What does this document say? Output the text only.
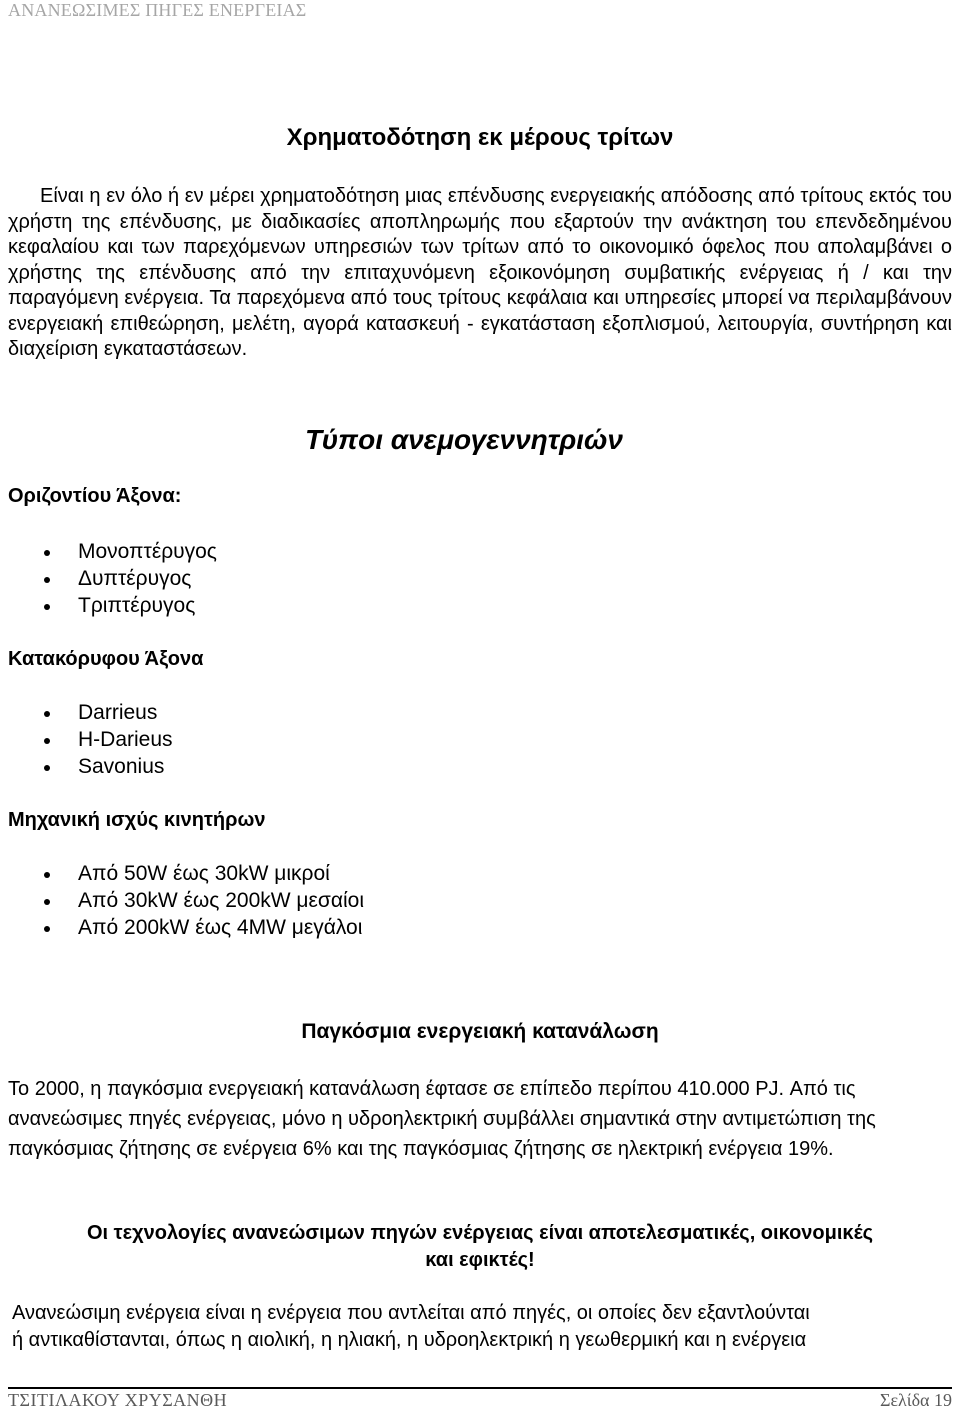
ΑΝΑΝΕΩΣΙΜΕΣ ΠΗΓΕΣ ΕΝΕΡΓΕΙΑΣ
Χρηματοδότηση εκ μέρους τρίτων
Είναι η εν όλο ή εν μέρει χρηματοδότηση μιας επένδυσης ενεργειακής απόδοσης από τρίτους εκτός του χρήστη της επένδυσης, με διαδικασίες αποπληρωμής που εξαρτούν την ανάκτηση του επενδεδημένου κεφαλαίου και των παρεχόμενων υπηρεσιών των τρίτων από το οικονομικό όφελος που απολαμβάνει ο χρήστης της επένδυσης από την επιταχυνόμενη εξοικονόμηση συμβατικής ενέργειας ή / και την παραγόμενη ενέργεια. Τα παρεχόμενα από τους τρίτους κεφάλαια και υπηρεσίες μπορεί να περιλαμβάνουν ενεργειακή επιθεώρηση, μελέτη, αγορά κατασκευή - εγκατάσταση εξοπλισμού, λειτουργία, συντήρηση και διαχείριση εγκαταστάσεων.
Τύποι ανεμογεννητριών
Οριζοντίου Άξονα:
Μονοπτέρυγος
Δυπτέρυγος
Τριπτέρυγος
Κατακόρυφου Άξονα
Darrieus
H-Darieus
Savonius
Μηχανική ισχύς κινητήρων
Από 50W έως 30kW μικροί
Από 30kW έως 200kW μεσαίοι
Από 200kW έως 4MW μεγάλοι
Παγκόσμια ενεργειακή κατανάλωση
Το 2000, η παγκόσμια ενεργειακή κατανάλωση έφτασε σε επίπεδο περίπου 410.000 PJ. Από τις ανανεώσιμες πηγές ενέργειας, μόνο η υδροηλεκτρική συμβάλλει σημαντικά στην αντιμετώπιση της παγκόσμιας ζήτησης σε ενέργεια 6% και της παγκόσμιας ζήτησης σε ηλεκτρική ενέργεια 19%.
Οι τεχνολογίες ανανεώσιμων πηγών ενέργειας είναι αποτελεσματικές, οικονομικές
και εφικτές!
Ανανεώσιμη ενέργεια είναι η ενέργεια που αντλείται από πηγές, οι οποίες δεν εξαντλούνται
ή αντικαθίστανται, όπως η αιολική, η ηλιακή, η υδροηλεκτρική η γεωθερμική και η ενέργεια
ΤΣΙΤΙΛΑΚΟΥ ΧΡΥΣΑΝΘΗ	Σελίδα 19
